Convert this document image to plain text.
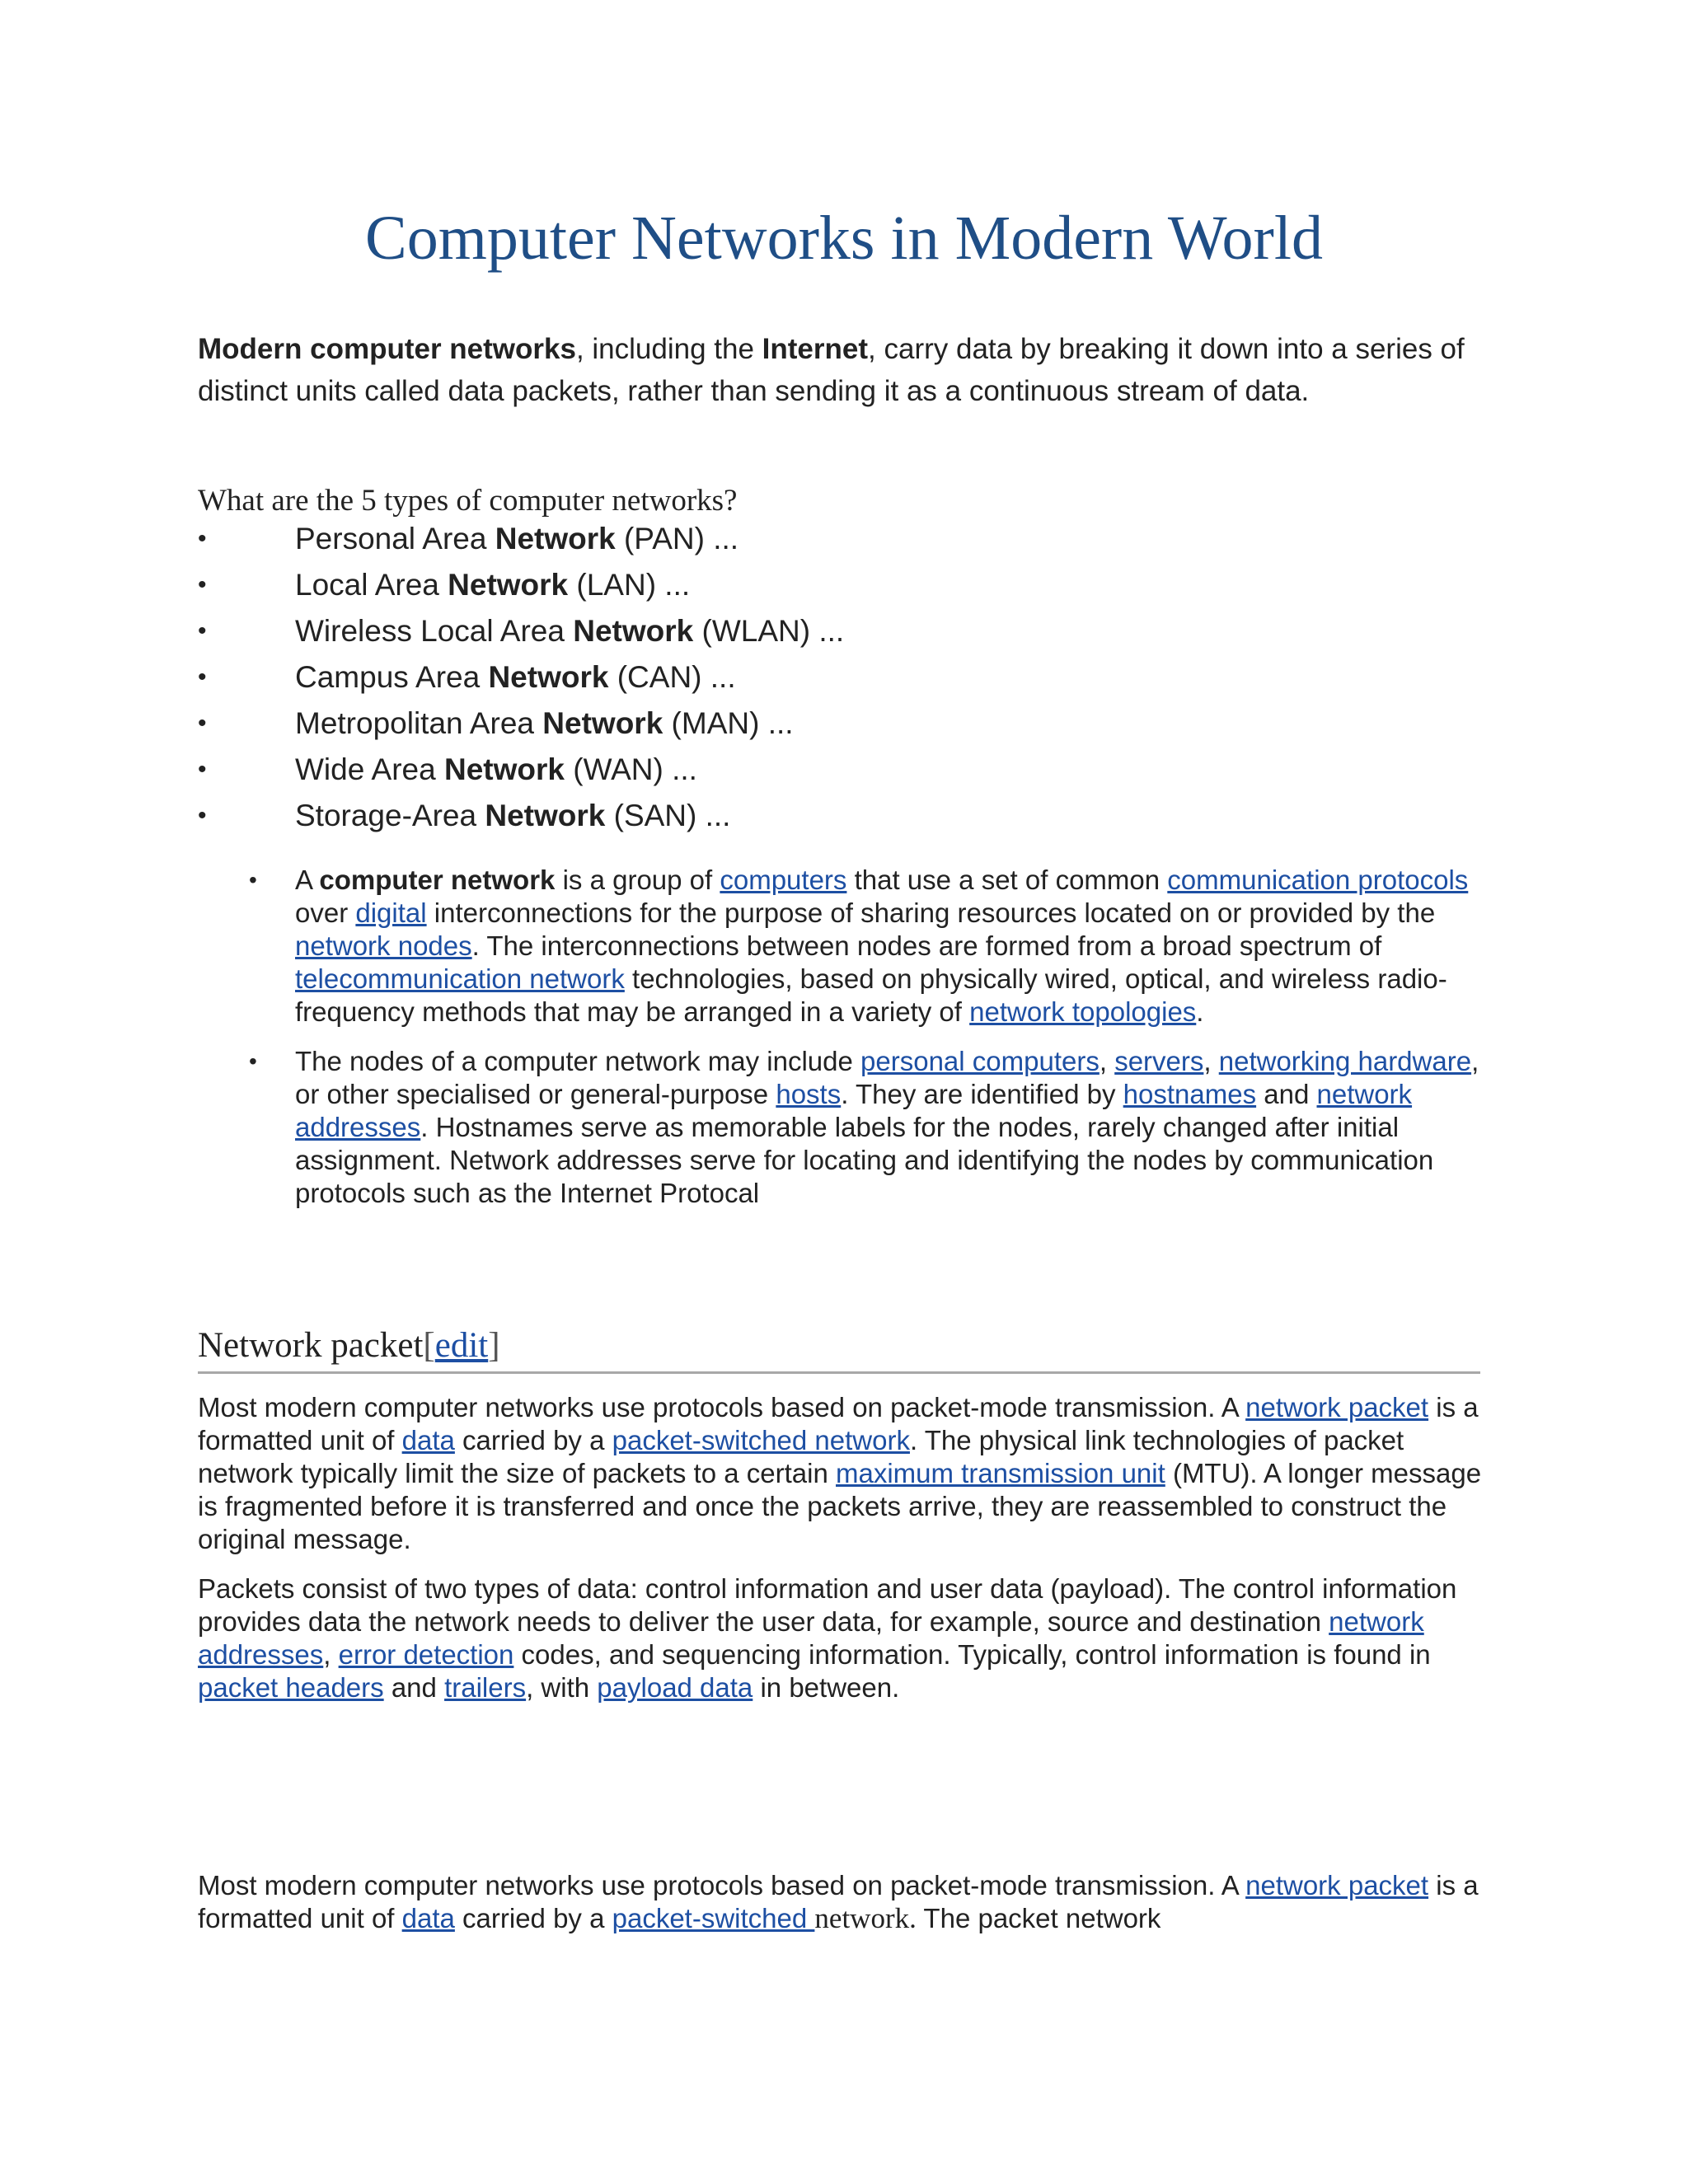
Computer Networks in Modern World

Modern computer networks, including the Internet, carry data by breaking it down into a series of distinct units called data packets, rather than sending it as a continuous stream of data.

What are the 5 types of computer networks?

• Personal Area Network (PAN) ...
• Local Area Network (LAN) ...
• Wireless Local Area Network (WLAN) ...
• Campus Area Network (CAN) ...
• Metropolitan Area Network (MAN) ...
• Wide Area Network (WAN) ...
• Storage-Area Network (SAN) ...
• A computer network is a group of computers that use a set of common communication protocols over digital interconnections for the purpose of sharing resources located on or provided by the network nodes. The interconnections between nodes are formed from a broad spectrum of telecommunication network technologies, based on physically wired, optical, and wireless radio-frequency methods that may be arranged in a variety of network topologies.
• The nodes of a computer network may include personal computers, servers, networking hardware, or other specialised or general-purpose hosts. They are identified by hostnames and network addresses. Hostnames serve as memorable labels for the nodes, rarely changed after initial assignment. Network addresses serve for locating and identifying the nodes by communication protocols such as the Internet Protocal
Network packet[edit]

Most modern computer networks use protocols based on packet-mode transmission. A network packet is a formatted unit of data carried by a packet-switched network. The physical link technologies of packet network typically limit the size of packets to a certain maximum transmission unit (MTU). A longer message is fragmented before it is transferred and once the packets arrive, they are reassembled to construct the original message.

Packets consist of two types of data: control information and user data (payload). The control information provides data the network needs to deliver the user data, for example, source and destination network addresses, error detection codes, and sequencing information. Typically, control information is found in packet headers and trailers, with payload data in between.

Most modern computer networks use protocols based on packet-mode transmission. A network packet is a formatted unit of data carried by a packet-switched network. The packet network
